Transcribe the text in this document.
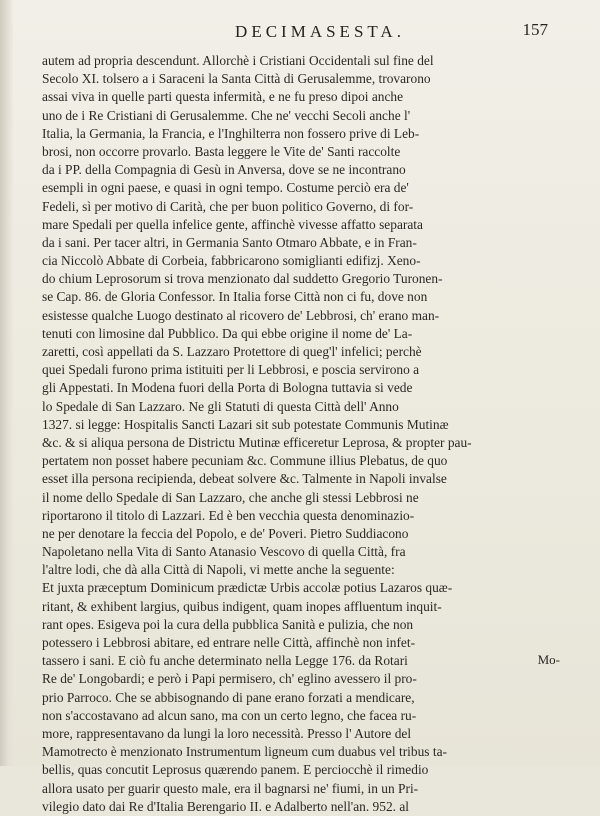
DECIMASESTA.	157
autem ad propria descendunt. Allorchè i Cristiani Occidentali sul fine del
Secolo XI. tolsero a i Saraceni la Santa Città di Gerusalemme, trovarono
assai viva in quelle parti questa infermità, e ne fu preso dipoi anche
uno de i Re Cristiani di Gerusalemme. Che ne' vecchi Secoli anche l'
Italia, la Germania, la Francia, e l'Inghilterra non fossero prive di Leb-
brosi, non occorre provarlo. Basta leggere le Vite de' Santi raccolte
da i PP. della Compagnia di Gesù in Anversa, dove se ne incontrano
esempli in ogni paese, e quasi in ogni tempo. Costume perciò era de'
Fedeli, sì per motivo di Carità, che per buon politico Governo, di for-
mare Spedali per quella infelice gente, affinchè vivesse affatto separata
da i sani. Per tacer altri, in Germania Santo Otmaro Abbate, e in Fran-
cia Niccolò Abbate di Corbeia, fabbricarono somiglianti edifizj. Xeno-
do chium Leprosorum si trova menzionato dal suddetto Gregorio Turonen-
se Cap. 86. de Gloria Confessor. In Italia forse Città non ci fu, dove non
esistesse qualche Luogo destinato al ricovero de' Lebbrosi, ch' erano man-
tenuti con limosine dal Pubblico. Da qui ebbe origine il nome de' La-
zaretti, così appellati da S. Lazzaro Protettore di queg'l' infelici; perchè
quei Spedali furono prima istituiti per li Lebbrosi, e poscia servirono a
gli Appestati. In Modena fuori della Porta di Bologna tuttavia si vede
lo Spedale di San Lazzaro. Ne gli Statuti di questa Città dell' Anno
1327. si legge: Hospitalis Sancti Lazari sit sub potestate Communis Mutinæ
&c. & si aliqua persona de Districtu Mutinæ efficeretur Leprosa, & propter pau-
pertatem non posset habere pecuniam &c. Commune illius Plebatus, de quo
esset illa persona recipienda, debeat solvere &c. Talmente in Napoli invalse
il nome dello Spedale di San Lazzaro, che anche gli stessi Lebbrosi ne
riportarono il titolo di Lazzari. Ed è ben vecchia questa denominazio-
ne per denotare la feccia del Popolo, e de' Poveri. Pietro Suddiacono
Napoletano nella Vita di Santo Atanasio Vescovo di quella Città, fra
l'altre lodi, che dà alla Città di Napoli, vi mette anche la seguente:
Et juxta præceptum Dominicum prædictæ Urbis accolæ potius Lazaros quæ-
ritant, & exhibent largius, quibus indigent, quam inopes affluentum inquit-
rant opes. Esigeva poi la cura della pubblica Sanità e pulizia, che non
potessero i Lebbrosi abitare, ed entrare nelle Città, affinchè non infet-
tassero i sani. E ciò fu anche determinato nella Legge 176. da Rotari
Re de' Longobardi; e però i Papi permisero, ch' eglino avessero il pro-
prio Parroco. Che se abbisognando di pane erano forzati a mendicare,
non s'accostavano ad alcun sano, ma con un certo legno, che facea ru-
more, rappresentavano da lungi la loro necessità. Presso l' Autore del
Mamotrecto è menzionato Instrumentum ligneum cum duabus vel tribus ta-
bellis, quas concutit Leprosus quærendo panem. E perciocchè il rimedio
allora usato per guarir questo male, era il bagnarsi ne' fiumi, in un Pri-
vilegio dato dai Re d'Italia Berengario II. e Adalberto nell'an. 952. al
Mo-
